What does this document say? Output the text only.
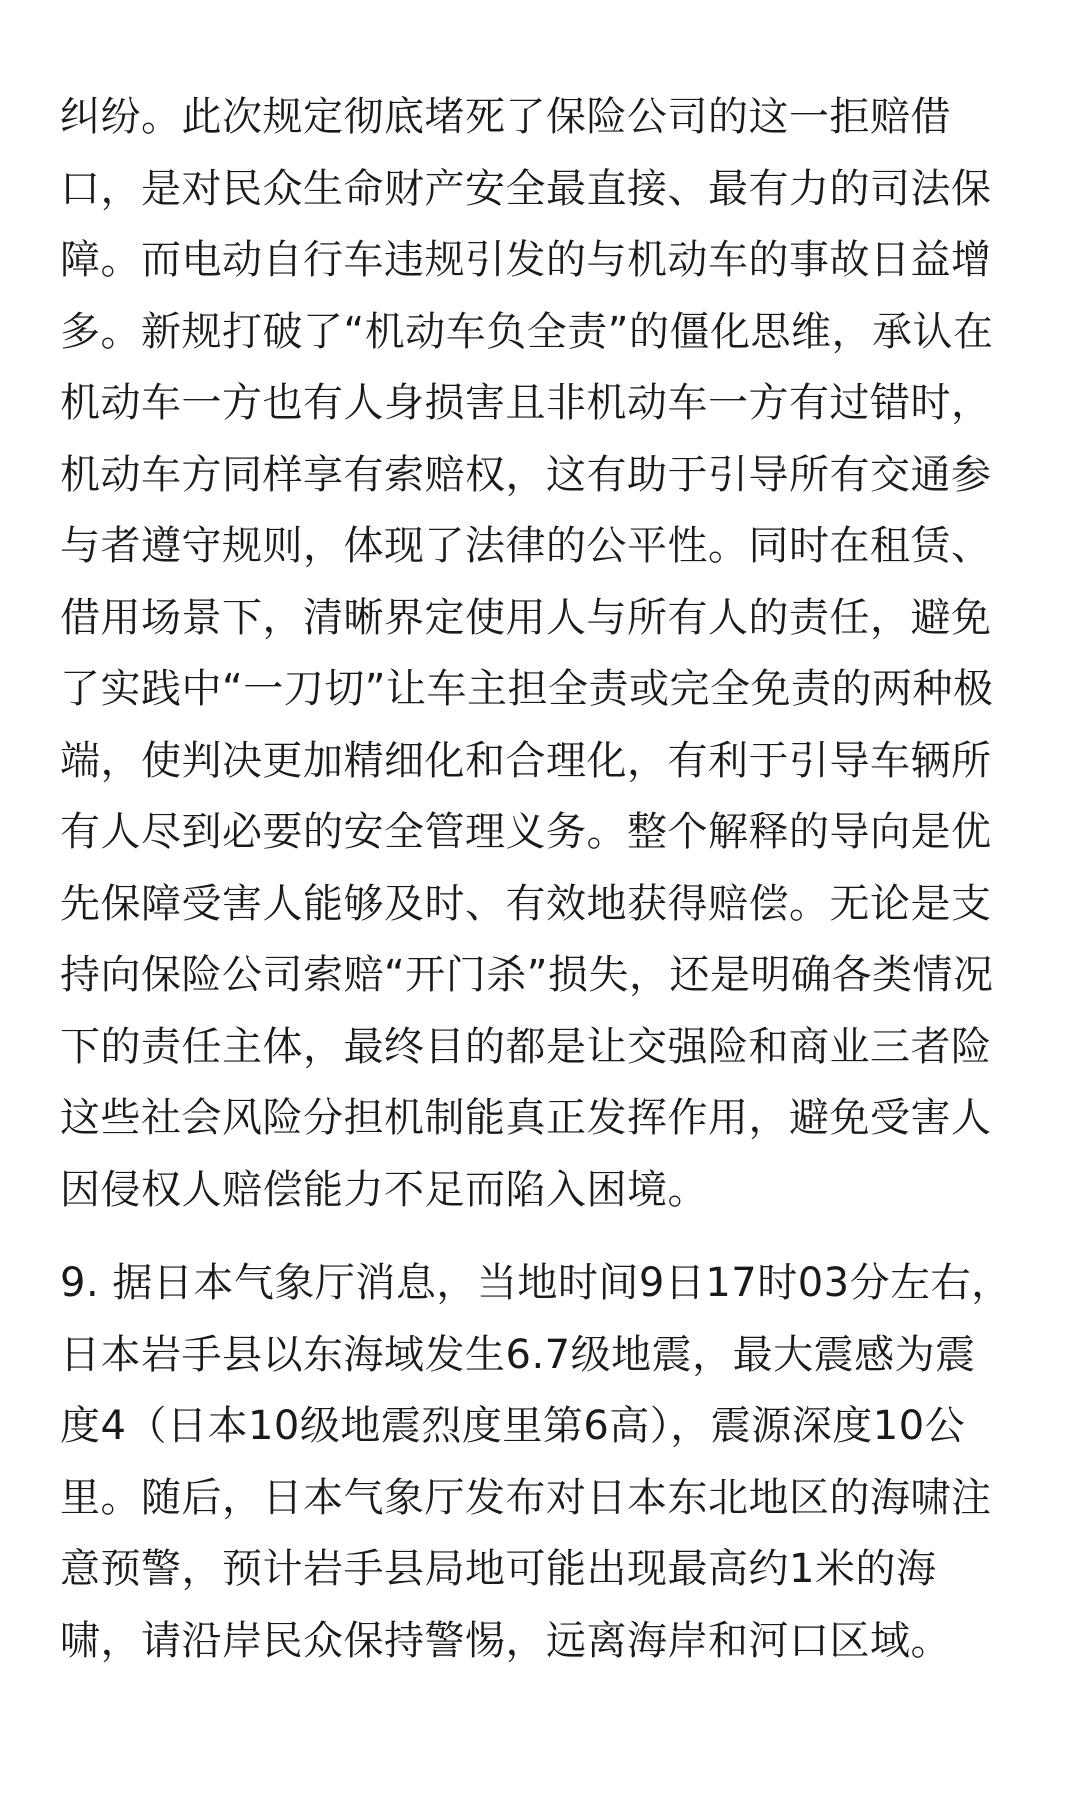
纠纷。此次规定彻底堵死了保险公司的这一拒赔借
口，是对民众生命财产安全最直接、最有力的司法保
障。而电动自行车违规引发的与机动车的事故日益增
多。新规打破了“机动车负全责”的僵化思维，承认在
机动车一方也有人身损害且非机动车一方有过错时，
机动车方同样享有索赔权，这有助于引导所有交通参
与者遵守规则，体现了法律的公平性。同时在租赁、
借用场景下，清晰界定使用人与所有人的责任，避免
了实践中“一刀切”让车主担全责或完全免责的两种极
端，使判决更加精细化和合理化，有利于引导车辆所
有人尽到必要的安全管理义务。整个解释的导向是优
先保障受害人能够及时、有效地获得赔偿。无论是支
持向保险公司索赔“开门杀”损失，还是明确各类情况
下的责任主体，最终目的都是让交强险和商业三者险
这些社会风险分担机制能真正发挥作用，避免受害人
因侵权人赔偿能力不足而陷入困境。
9. 据日本气象厅消息，当地时间9日17时03分左右，
日本岩手县以东海域发生6.7级地震，最大震感为震
度4（日本10级地震烈度里第6高），震源深度10公
里。随后，日本气象厅发布对日本东北地区的海啸注
意预警，预计岩手县局地可能出现最高约1米的海
啸，请沿岸民众保持警惕，远离海岸和河口区域。
